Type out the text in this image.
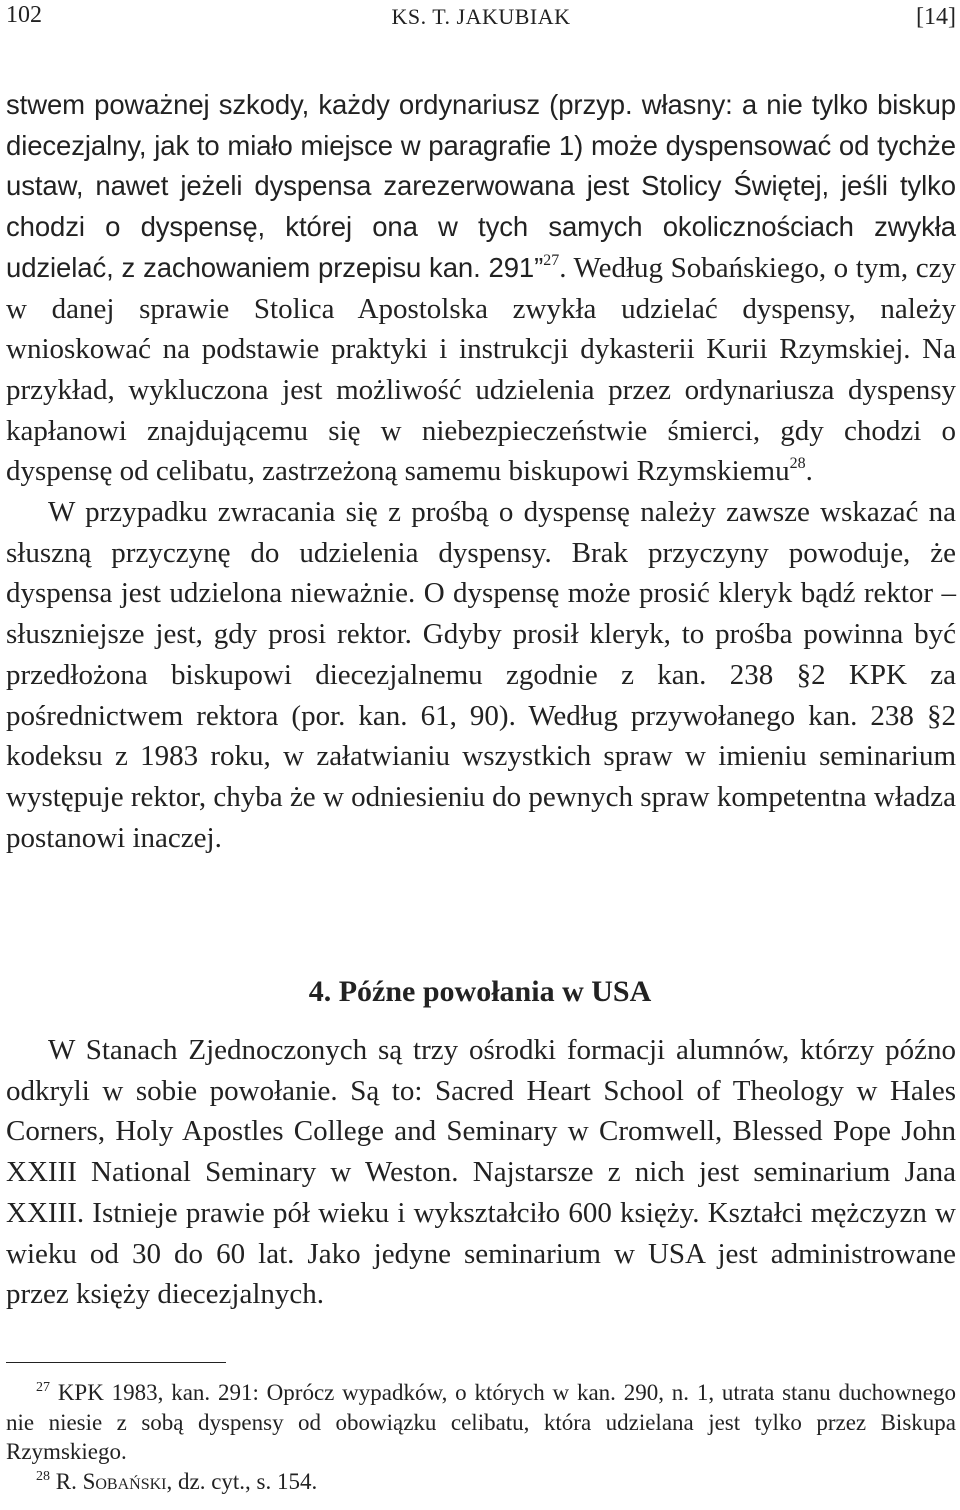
102	KS. T. JAKUBIAK	[14]

stwem poważnej szkody, każdy ordynariusz (przyp. własny: a nie tylko biskup diecezjalny, jak to miało miejsce w paragrafie 1) może dyspensować od tychże ustaw, nawet jeżeli dyspensa zarezerwowana jest Stolicy Świętej, jeśli tylko chodzi o dyspensę, której ona w tych samych okolicznościach zwykła udzielać, z zachowaniem przepisu kan. 291”$^{27}$. Według Sobańskiego, o tym, czy w danej sprawie Stolica Apostolska zwykła udzielać dyspensy, należy wnioskować na podstawie praktyki i instrukcji dykasterii Kurii Rzymskiej. Na przykład, wykluczona jest możliwość udzielenia przez ordynariusza dyspensy kapłanowi znajdującemu się w niebezpieczeństwie śmierci, gdy chodzi o dyspensę od celibatu, zastrzeżoną samemu biskupowi Rzymskiemu$^{28}$.

W przypadku zwracania się z prośbą o dyspensę należy zawsze wskazać na słuszną przyczynę do udzielenia dyspensy. Brak przyczyny powoduje, że dyspensa jest udzielona nieważnie. O dyspensę może prosić kleryk bądź rektor – słuszniejsze jest, gdy prosi rektor. Gdyby prosił kleryk, to prośba powinna być przedłożona biskupowi diecezjalnemu zgodnie z kan. 238 §2 KPK za pośrednictwem rektora (por. kan. 61, 90). Według przywołanego kan. 238 §2 kodeksu z 1983 roku, w załatwianiu wszystkich spraw w imieniu seminarium występuje rektor, chyba że w odniesieniu do pewnych spraw kompetentna władza postanowi inaczej.

4. Późne powołania w USA

W Stanach Zjednoczonych są trzy ośrodki formacji alumnów, którzy późno odkryli w sobie powołanie. Są to: Sacred Heart School of Theology w Hales Corners, Holy Apostles College and Seminary w Cromwell, Blessed Pope John XXIII National Seminary w Weston. Najstarsze z nich jest seminarium Jana XXIII. Istnieje prawie pół wieku i wykształciło 600 księży. Kształci mężczyzn w wieku od 30 do 60 lat. Jako jedyne seminarium w USA jest administrowane przez księży diecezjalnych.

$^{27}$ KPK 1983, kan. 291: Oprócz wypadków, o których w kan. 290, n. 1, utrata stanu duchownego nie niesie z sobą dyspensy od obowiązku celibatu, która udzielana jest tylko przez Biskupa Rzymskiego.

$^{28}$ R. Sobański, dz. cyt., s. 154.
